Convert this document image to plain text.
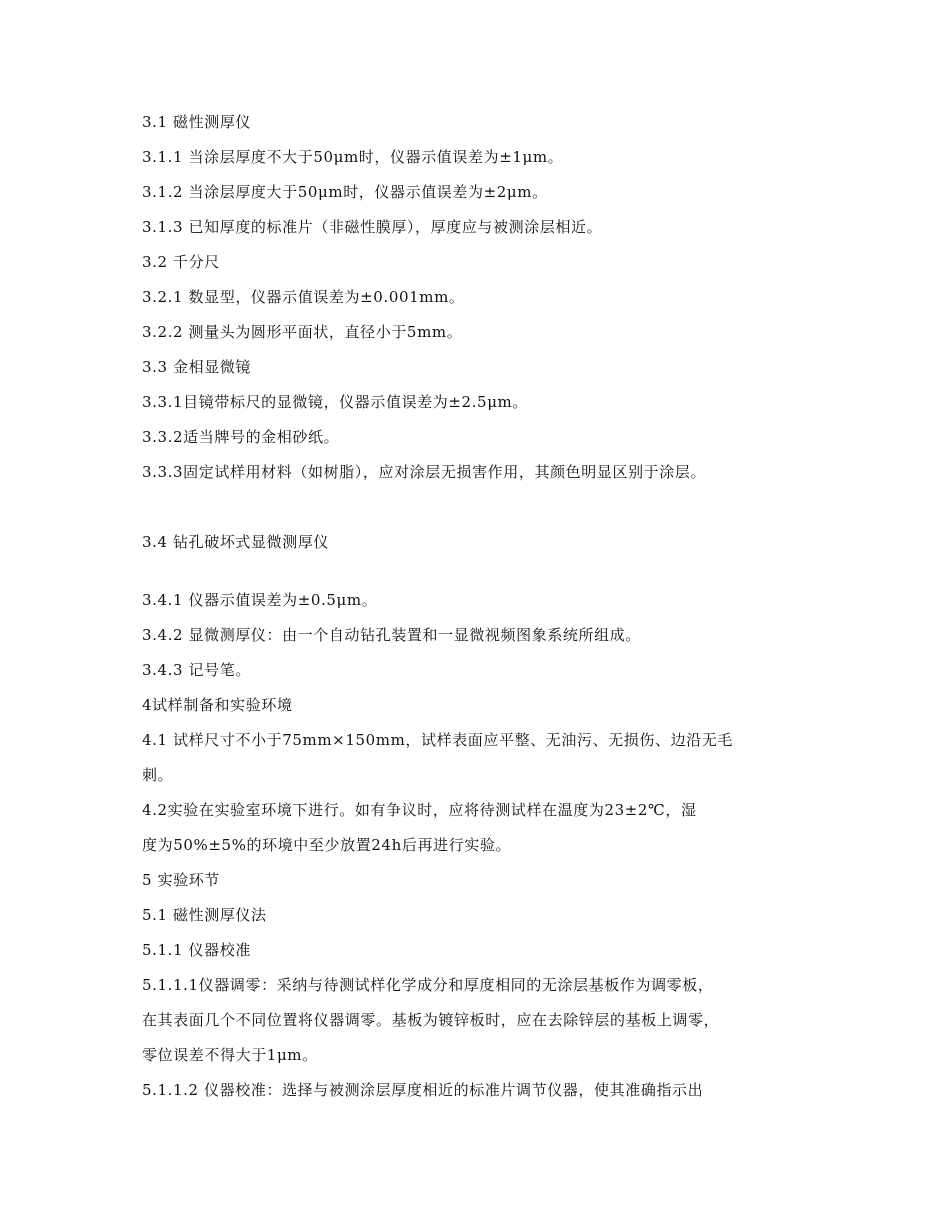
3.1 磁性测厚仪
3.1.1 当涂层厚度不大于50μm时，仪器示值误差为±1μm。
3.1.2 当涂层厚度大于50μm时，仪器示值误差为±2μm。
3.1.3 已知厚度的标准片（非磁性膜厚），厚度应与被测涂层相近。
3.2 千分尺
3.2.1 数显型，仪器示值误差为±0.001mm。
3.2.2 测量头为圆形平面状，直径小于5mm。
3.3 金相显微镜
3.3.1目镜带标尺的显微镜，仪器示值误差为±2.5μm。
3.3.2适当牌号的金相砂纸。
3.3.3固定试样用材料（如树脂），应对涂层无损害作用，其颜色明显区别于涂层。
3.4 钻孔破坏式显微测厚仪
3.4.1 仪器示值误差为±0.5μm。
3.4.2 显微测厚仪：由一个自动钻孔装置和一显微视频图象系统所组成。
3.4.3 记号笔。
4试样制备和实验环境
4.1 试样尺寸不小于75mm×150mm，试样表面应平整、无油污、无损伤、边沿无毛
刺。
4.2实验在实验室环境下进行。如有争议时，应将待测试样在温度为23±2℃，湿
度为50%±5%的环境中至少放置24h后再进行实验。
5 实验环节
5.1 磁性测厚仪法
5.1.1 仪器校准
5.1.1.1仪器调零：采纳与待测试样化学成分和厚度相同的无涂层基板作为调零板，
在其表面几个不同位置将仪器调零。基板为镀锌板时，应在去除锌层的基板上调零，
零位误差不得大于1μm。
5.1.1.2 仪器校准：选择与被测涂层厚度相近的标准片调节仪器，使其准确指示出
